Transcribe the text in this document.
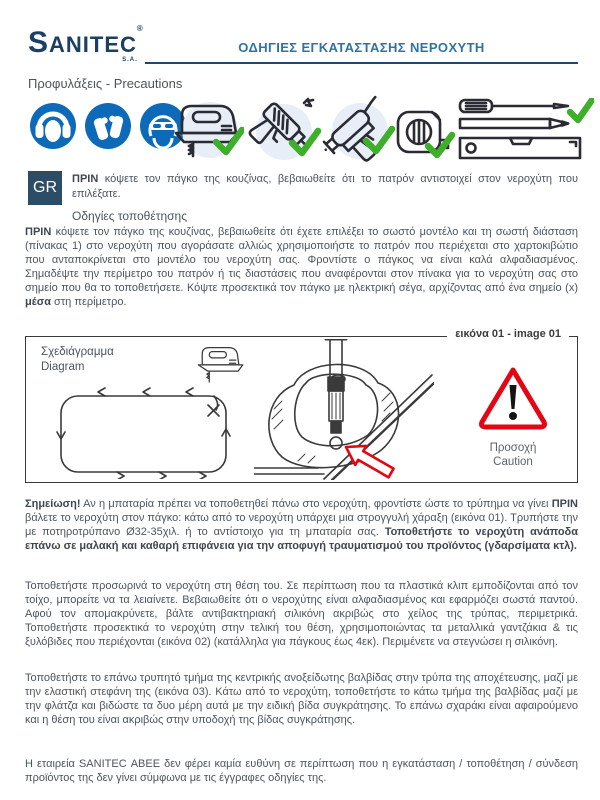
SANITEC®
S.A.
ΟΔΗΓΙΕΣ ΕΓΚΑΤΑΣΤΑΣΗΣ ΝΕΡΟΧΥΤΗ
Προφυλάξεις - Precautions
GR	ΠΡΙΝ κόψετε τον πάγκο της κουζίνας, βεβαιωθείτε ότι το πατρόν αντιστοιχεί στον νεροχύτη που επιλέξατε.
Οδηγίες τοποθέτησης
ΠΡΙΝ κόψετε τον πάγκο της κουζίνας, βεβαιωθείτε ότι έχετε επιλέξει το σωστό μοντέλο και τη σωστή διάσταση (πίνακας 1) στο νεροχύτη που αγοράσατε αλλιώς χρησιμοποιήστε το πατρόν που περιέχεται στο χαρτοκιβώτιο που ανταποκρίνεται στο μοντέλο του νεροχύτη σας. Φροντίστε ο πάγκος να είναι καλά αλφαδιασμένος. Σημαδέψτε την περίμετρο του πατρόν ή τις διαστάσεις που αναφέρονται στον πίνακα για το νεροχύτη σας στο σημείο που θα το τοποθετήσετε. Κόψτε προσεκτικά τον πάγκο με ηλεκτρική σέγα, αρχίζοντας από ένα σημείο (x) μέσα στη περίμετρο.
εικόνα 01 - image 01
Σχεδιάγραμμα
Diagram
Προσοχή
Caution
Σημείωση! Αν η μπαταρία πρέπει να τοποθετηθεί πάνω στο νεροχύτη, φροντίστε ώστε το τρύπημα να γίνει ΠΡΙΝ βάλετε το νεροχύτη στον πάγκο: κάτω από το νεροχύτη υπάρχει μια στρογγυλή χάραξη (εικόνα 01). Τρυπήστε την με ποτηροτρύπανο Ø32-35χιλ. ή το αντίστοιχο για τη μπαταρία σας. Τοποθετήστε το νεροχύτη ανάποδα επάνω σε μαλακή και καθαρή επιφάνεια για την αποφυγή τραυματισμού του προϊόντος (γδαρσίματα κτλ).
Τοποθετήστε προσωρινά το νεροχύτη στη θέση του. Σε περίπτωση που τα πλαστικά κλιπ εμποδίζονται από τον τοίχο, μπορείτε να τα λειαίνετε. Βεβαιωθείτε ότι ο νεροχύτης είναι αλφαδιασμένος και εφαρμόζει σωστά παντού. Αφού τον απομακρύνετε, βάλτε αντιβακτηριακή σιλικόνη ακριβώς στο χείλος της τρύπας, περιμετρικά. Τοποθετήστε προσεκτικά το νεροχύτη στην τελική του θέση, χρησιμοποιώντας τα μεταλλικά γαντζάκια & τις ξυλόβιδες που περιέχονται (εικόνα 02) (κατάλληλα για πάγκους έως 4εκ). Περιμένετε να στεγνώσει η σιλικόνη.
Τοποθετήστε το επάνω τρυπητό τμήμα της κεντρικής ανοξείδωτης βαλβίδας στην τρύπα της αποχέτευσης, μαζί με την ελαστική στεφάνη της (εικόνα 03). Κάτω από το νεροχύτη, τοποθετήστε το κάτω τμήμα της βαλβίδας μαζί με την φλάτζα και βιδώστε τα δυο μέρη αυτά με την ειδική βίδα συγκράτησης. Το επάνω σχαράκι είναι αφαιρούμενο και η θέση του είναι ακριβώς στην υποδοχή της βίδας συγκράτησης.
Η εταιρεία SANITEC ΑΒΕΕ δεν φέρει καμία ευθύνη σε περίπτωση που η εγκατάσταση / τοποθέτηση / σύνδεση προϊόντος της δεν γίνει σύμφωνα με τις έγγραφες οδηγίες της.
